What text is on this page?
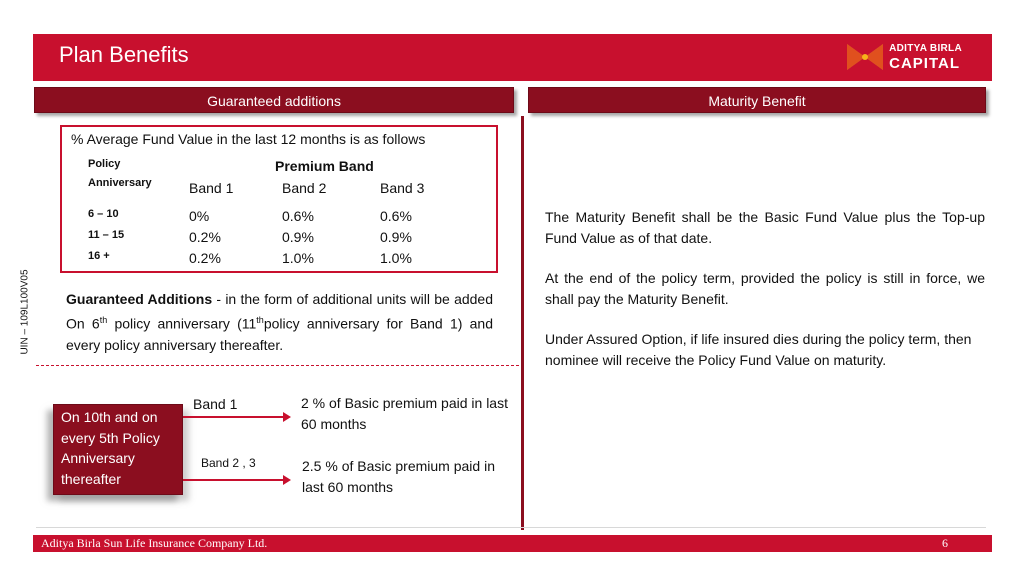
Plan Benefits	ADITYA BIRLA
CAPITAL
Guaranteed additions	Maturity Benefit
UIN – 109L100V05
% Average Fund Value in the last 12 months is as follows
Policy
Anniversary
Premium Band
Band 1	Band 2	Band 3
6 – 10	0%	0.6%	0.6%
11 – 15	0.2%	0.9%	0.9%
16 +	0.2%	1.0%	1.0%
Guaranteed Additions - in the form of additional units will be added On 6th policy anniversary (11thpolicy anniversary for Band 1) and every policy anniversary thereafter.
On 10th and on every 5th Policy Anniversary thereafter
Band 1	2 % of Basic premium paid in last 60 months
Band 2 , 3	2.5 % of Basic premium paid in last 60 months

The Maturity Benefit shall be the Basic Fund Value plus the Top-up Fund Value as of that date.

At the end of the policy term, provided the policy is still in force, we shall pay the Maturity Benefit.

Under Assured Option, if life insured dies during the policy term, then nominee will receive the Policy Fund Value on maturity.

Aditya Birla Sun Life Insurance Company Ltd.	6
